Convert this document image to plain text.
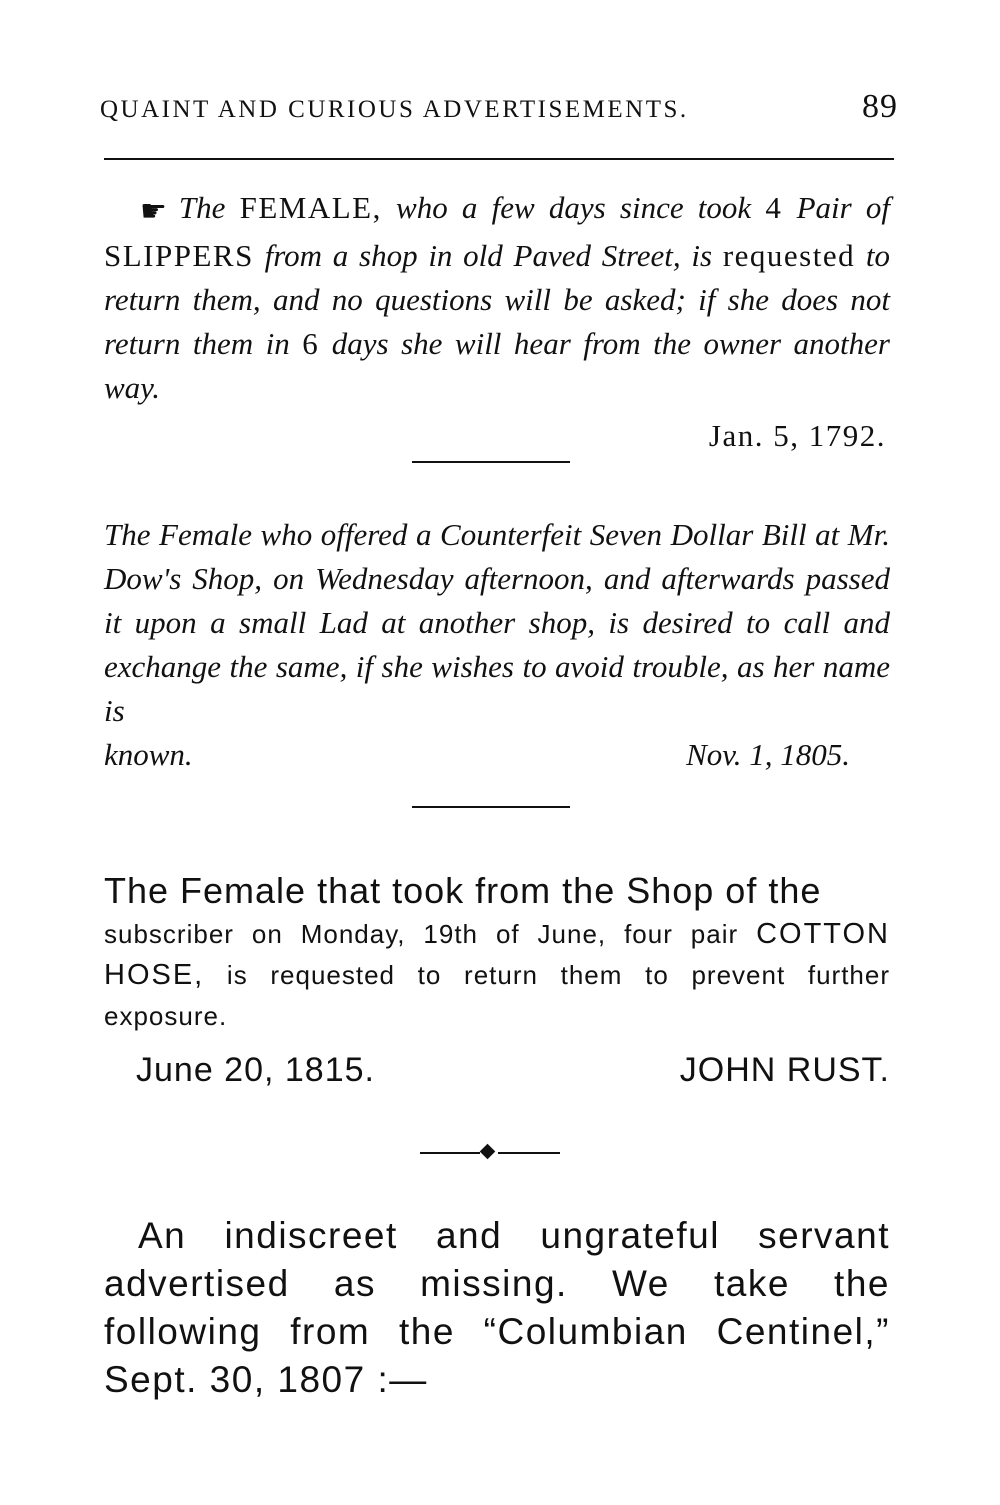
QUAINT AND CURIOUS ADVERTISEMENTS.	89

☛ The FEMALE, who a few days since took 4 Pair of SLIPPERS from a shop in old Paved Street, is requested to return them, and no questions will be asked; if she does not return them in 6 days she will hear from the owner another way.

Jan. 5, 1792.

The Female who offered a Counterfeit Seven Dollar Bill at Mr. Dow's Shop, on Wednesday afternoon, and afterwards passed it upon a small Lad at another shop, is desired to call and exchange the same, if she wishes to avoid trouble, as her name is

known.	Nov. 1, 1805.

The Female that took from the Shop of the

subscriber on Monday, 19th of June, four pair COTTON HOSE, is requested to return them to prevent further exposure.

June 20, 1815.	JOHN RUST.

An indiscreet and ungrateful servant advertised as missing. We take the following from the “Columbian Centinel,” Sept. 30, 1807 :—
